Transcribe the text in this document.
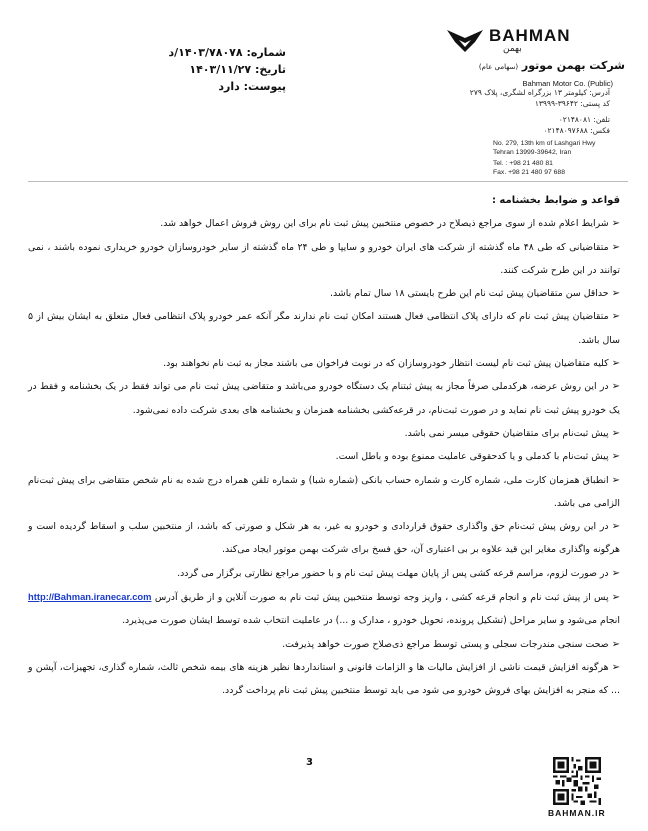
BAHMAN
بهمن
شرکت بهمن موتور (سهامی عام)
Bahman Motor Co. (Public)
آدرس: کیلومتر ۱۳ بزرگراه لشگری، پلاک ۲۷۹
کد پستی: ۳۹۶۴۲-۱۳۹۹۹
تلفن: ۰۲۱۴۸۰۸۱
فکس: ۰۲۱۴۸۰۹۷۶۸۸
No. 279, 13th km of Lashgari Hwy
Tehran 13999-39642, Iran
Tel. : +98 21 480 81
Fax. +98 21 480 97 688
شماره: ۱۴۰۳/۷۸۰۷۸/د
تاریخ: ۱۴۰۳/۱۱/۲۷
پیوست: دارد

قواعد و ضوابط بخشنامه :

➢شرایط اعلام شده از سوی مراجع ذیصلاح در خصوص منتخبین پیش ثبت نام برای این روش فروش اعمال خواهد شد.

➢متقاضیانی که طی ۴۸ ماه گذشته از شرکت های ایران خودرو و سایپا و طی ۲۴ ماه گذشته از سایر خودروسازان خودرو خریداری نموده باشند ، نمی توانند در این طرح شرکت کنند.

➢حداقل سن متقاضیان پیش ثبت نام این طرح بایستی ۱۸ سال تمام باشد.

➢متقاضیان پیش ثبت نام که دارای پلاک انتظامی فعال هستند امکان ثبت نام ندارند مگر آنکه عمر خودرو پلاک انتظامی فعال متعلق به ایشان بیش از ۵ سال باشد.

➢کلیه متقاضیان پیش ثبت نام لیست انتظار خودروسازان که در نوبت فراخوان می باشند مجاز به ثبت نام نخواهند بود.

➢در این روش عرضه، هرکدملی صرفاً مجاز به پیش ثبتنام یک دستگاه خودرو می‌باشد و متقاضی پیش ثبت نام می تواند فقط در یک بخشنامه و فقط در یک خودرو پیش ثبت نام نماید و در صورت ثبت‌نام، در قرعه‌کشی بخشنامه همزمان و بخشنامه های بعدی شرکت داده نمی‌شود.

➢پیش ثبت‌نام برای متقاضیان حقوقی میسر نمی باشد.

➢پیش ثبت‌نام با کدملی و یا کدحقوقی عاملیت ممنوع بوده و باطل است.

➢انطباق همزمان کارت ملی، شماره کارت و شماره حساب بانکی (شماره شبا) و شماره تلفن همراه درج شده به نام شخص متقاضی برای پیش ثبت‌نام الزامی می باشد.

➢در این روش پیش ثبت‌نام حق واگذاری حقوق قراردادی و خودرو به غیر، به هر شکل و صورتی که باشد، از منتخبین سلب و اسقاط گردیده است و هرگونه واگذاری مغایر این قید علاوه بر بی اعتباری آن، حق فسخ برای شرکت بهمن موتور ایجاد می‌کند.

➢در صورت لزوم، مراسم قرعه کشی پس از پایان مهلت پیش ثبت نام و با حضور مراجع نظارتی برگزار می گردد.

➢پس از پیش ثبت نام و انجام قرعه کشی ، واریز وجه توسط منتخبین پیش ثبت نام به صورت آنلاین و از طریق آدرس http://Bahman.iranecar.com انجام می‌شود و سایر مراحل (تشکیل پرونده، تحویل خودرو ، مدارک و ...) در عاملیت انتخاب شده توسط ایشان صورت می‌پذیرد.

➢صحت سنجی مندرجات سجلی و پستی توسط مراجع ذی‌صلاح صورت خواهد پذیرفت.

➢هرگونه افزایش قیمت ناشی از افزایش مالیات ها و الزامات قانونی و استانداردها نظیر هزینه های بیمه شخص ثالث، شماره گذاری، تجهیزات، آپشن و ... که منجر به افزایش بهای فروش خودرو می شود می باید توسط منتخبین پیش ثبت نام پرداخت گردد.

3
BAHMAN.IR
